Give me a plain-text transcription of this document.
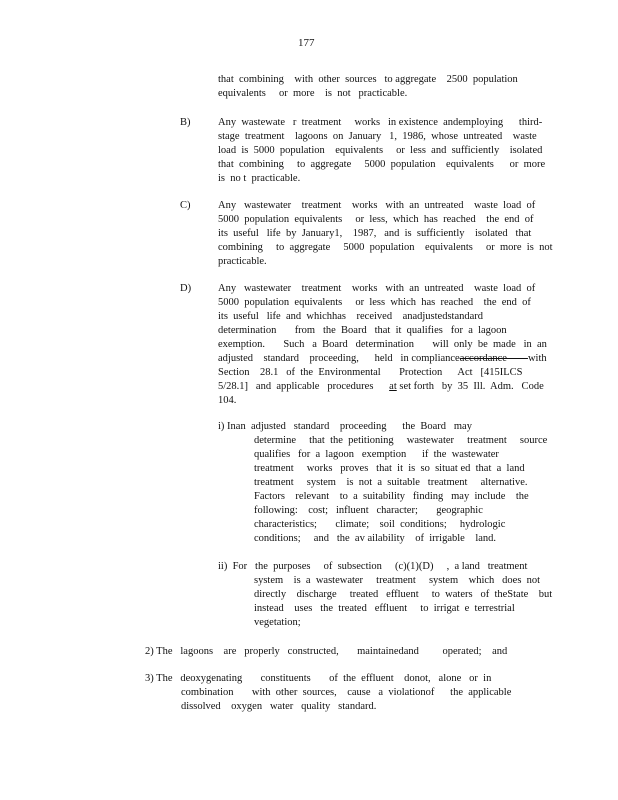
177
that  combining    with  other  sources   to aggregate    2500  population
equivalents     or  more    is  not   practicable.
B)	Any  wastewate   r  treatment     works   in existence  andemploying      third-
stage  treatment    lagoons  on  January   1,  1986,  whose  untreated    waste
load  is  5000  population    equivalents     or  less  and  sufficiently    isolated
that  combining     to  aggregate     5000  population    equivalents      or  more
is  no t  practicable.
C)	Any   wastewater    treatment    works   with  an  untreated    waste  load  of
5000  population  equivalents     or  less,  which  has  reached    the  end  of
its  useful   life  by  January1,    1987,   and  is  sufficiently    isolated   that
combining     to  aggregate     5000  population    equivalents     or  more  is  not
practicable.
D)	Any   wastewater    treatment    works   with  an  untreated    waste  load  of
5000  population  equivalents     or  less  which  has  reached    the  end  of
its  useful   life  and  whichhas    received    anadjustedstandard
determination       from   the  Board   that  it  qualifies   for  a  lagoon
exemption.       Such   a  Board   determination       will  only  be  made   in  an
adjusted    standard    proceeding,      held   in complianceaccordance        with
Section    28.1   of  the  Environmental       Protection      Act   [415ILCS
5/28.1]   and  applicable   procedures      at set forth   by  35  Ill.  Adm.   Code
104.
i) Inan  adjusted   standard    proceeding      the  Board   may
determine     that  the  petitioning     wastewater     treatment     source
qualifies   for  a  lagoon   exemption      if  the  wastewater
treatment     works   proves   that  it  is  so  situat ed  that  a  land
treatment     system    is  not  a  suitable   treatment     alternative.
Factors    relevant    to  a  suitability   finding   may  include    the
following:    cost;   influent   character;       geographic
characteristics;       climate;    soil  conditions;     hydrologic
conditions;     and   the  av ailability    of  irrigable    land.
ii)  For   the  purposes     of  subsection     (c)(1)(D)     ,  a land   treatment
system    is  a  wastewater     treatment     system    which   does  not
directly    discharge     treated   effluent     to  waters   of  theState    but
instead    uses   the  treated   effluent     to  irrigat  e  terrestrial
vegetation;
2) The   lagoons    are   properly   constructed,       maintainedand         operated;    and
3) The   deoxygenating       constituents       of  the  effluent    donot,   alone   or  in
combination       with  other  sources,    cause   a  violationof      the  applicable
dissolved    oxygen   water   quality   standard.
